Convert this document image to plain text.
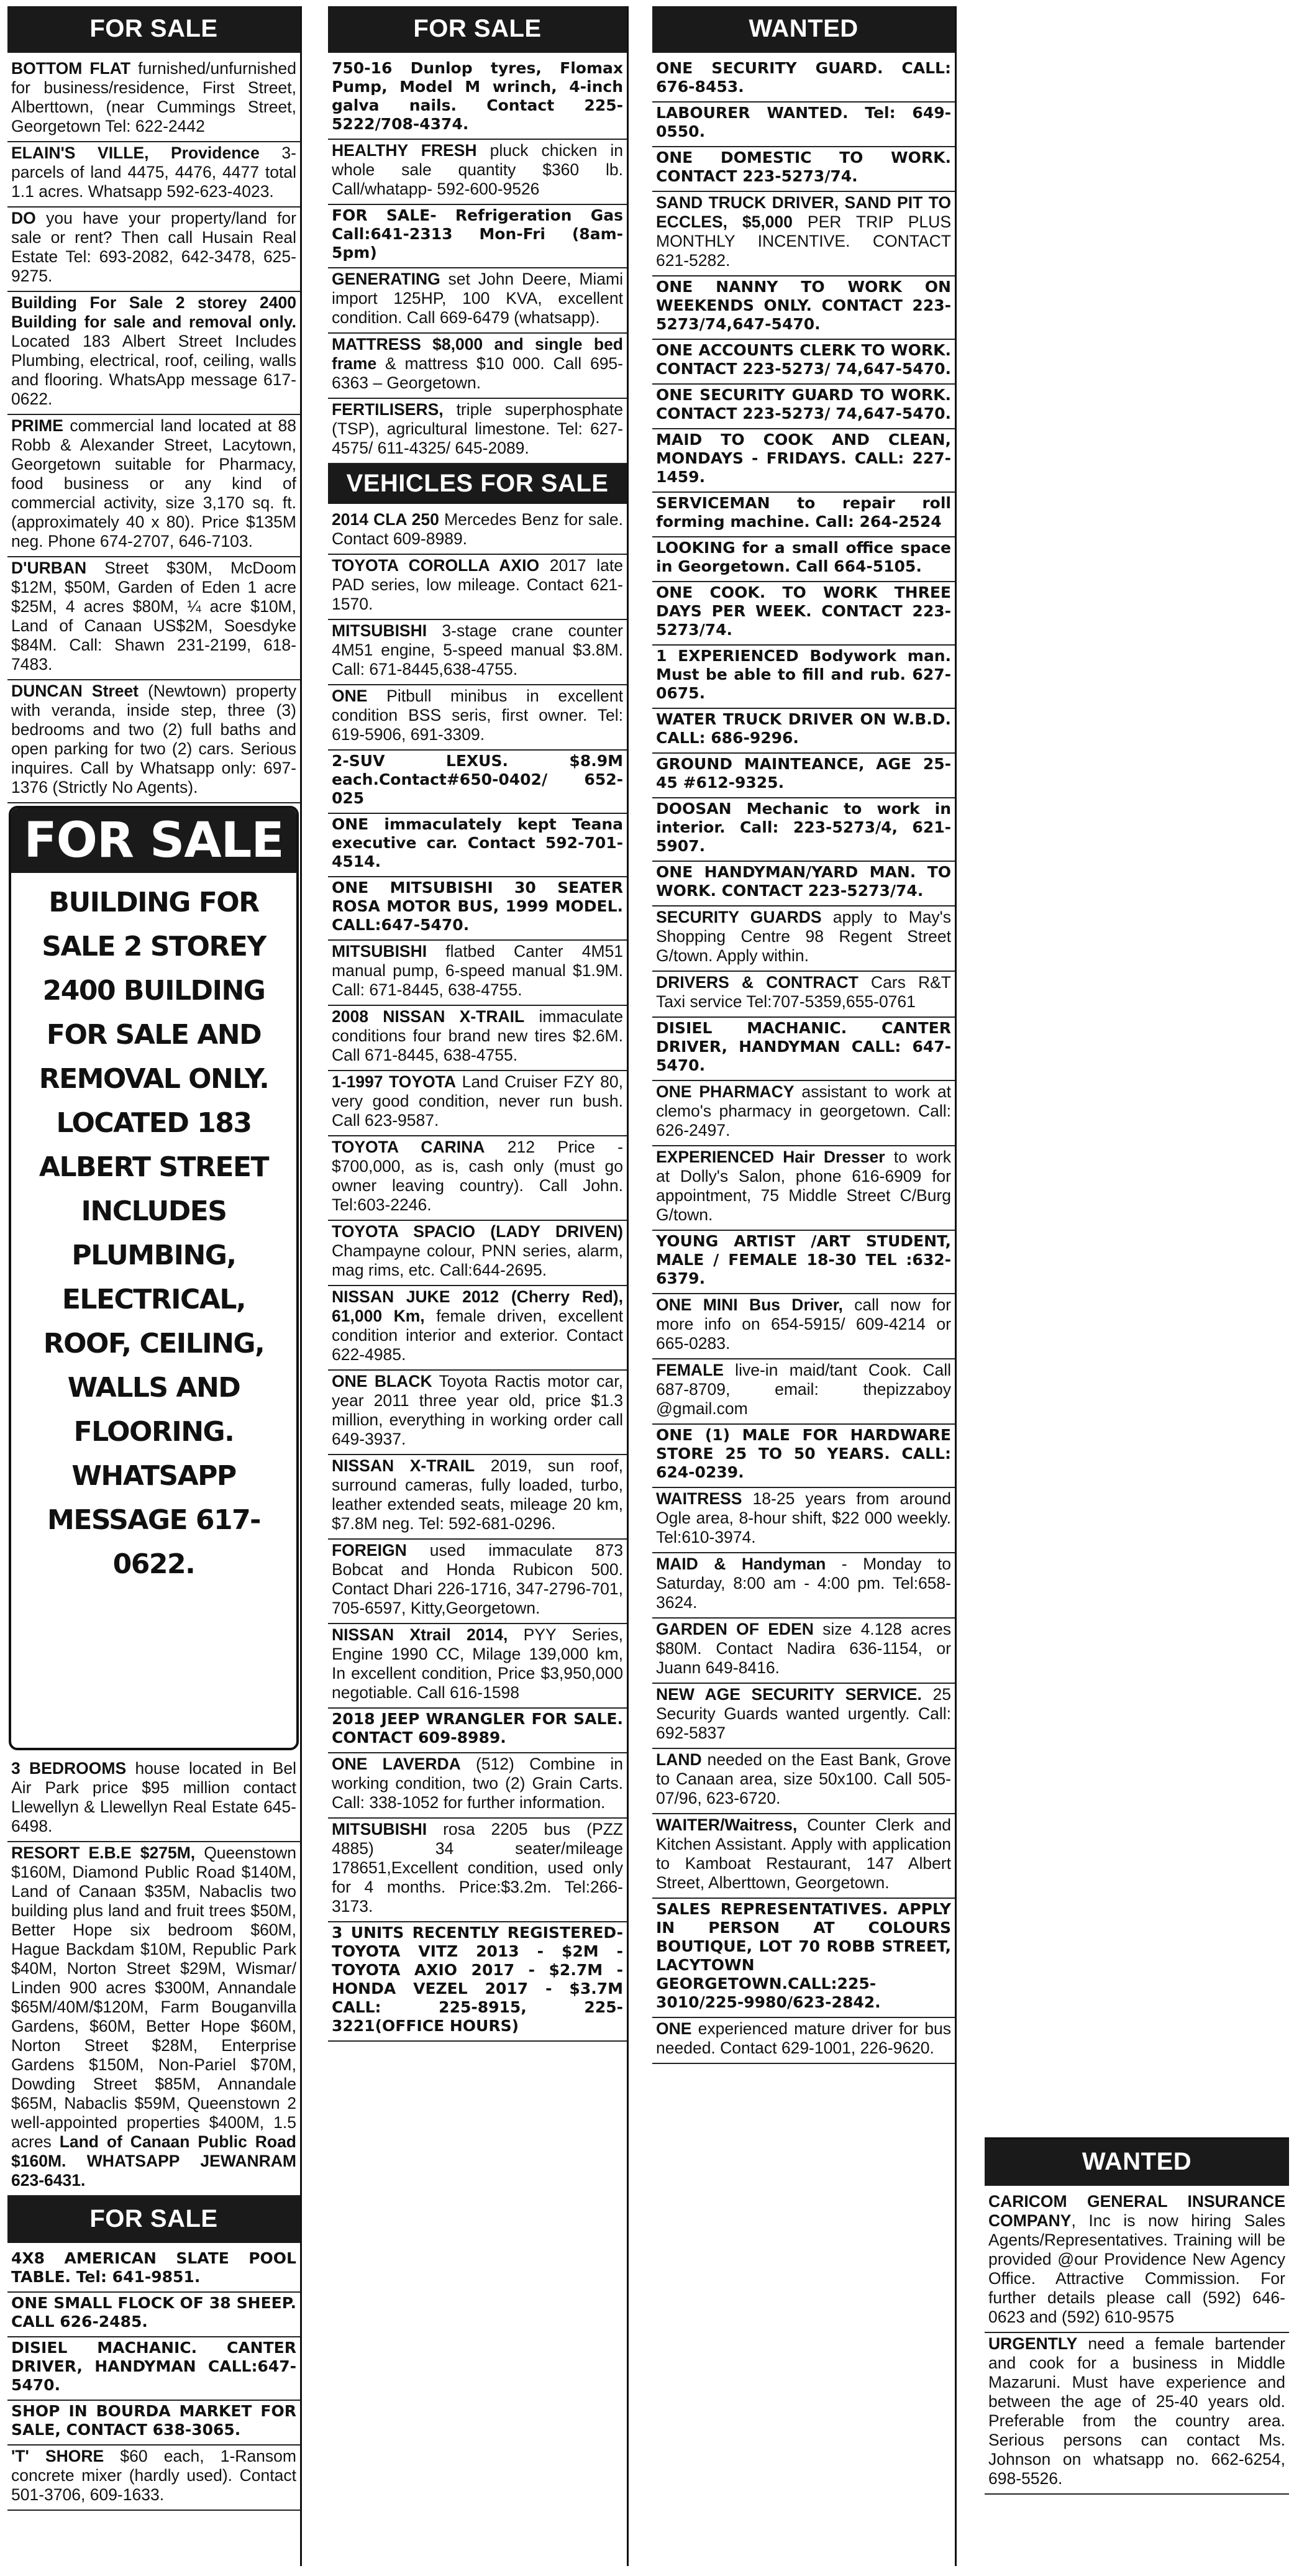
FOR SALE
BOTTOM FLAT furnished/unfurnished for business/residence, First Street, Alberttown, (near Cummings Street, Georgetown Tel: 622-2442
ELAIN'S VILLE, Providence 3-parcels of land 4475, 4476, 4477 total 1.1 acres. Whatsapp 592-623-4023.
DO you have your property/land for sale or rent? Then call Husain Real Estate Tel: 693-2082, 642-3478, 625-9275.
Building For Sale 2 storey 2400 Building for sale and removal only. Located 183 Albert Street Includes Plumbing, electrical, roof, ceiling, walls and flooring. WhatsApp message 617-0622.
PRIME commercial land located at 88 Robb & Alexander Street, Lacytown, Georgetown suitable for Pharmacy, food business or any kind of commercial activity, size 3,170 sq. ft. (approximately 40 x 80). Price $135M neg. Phone 674-2707, 646-7103.
D'URBAN Street $30M, McDoom $12M, $50M, Garden of Eden 1 acre $25M, 4 acres $80M, ¼ acre $10M, Land of Canaan US$2M, Soesdyke $84M. Call: Shawn 231-2199, 618-7483.
DUNCAN Street (Newtown) property with veranda, inside step, three (3) bedrooms and two (2) full baths and open parking for two (2) cars. Serious inquires. Call by Whatsapp only: 697-1376 (Strictly No Agents).
FOR SALE
BUILDING FOR SALE 2 STOREY 2400 BUILDING FOR SALE AND REMOVAL ONLY. LOCATED 183 ALBERT STREET INCLUDES PLUMBING, ELECTRICAL, ROOF, CEILING, WALLS AND FLOORING. WHATSAPP MESSAGE 617-0622.
3 BEDROOMS house located in Bel Air Park price $95 million contact Llewellyn & Llewellyn Real Estate 645-6498.
RESORT E.B.E $275M, Queenstown $160M, Diamond Public Road $140M, Land of Canaan $35M, Nabaclis two building plus land and fruit trees $50M, Better Hope six bedroom $60M, Hague Backdam $10M, Republic Park $40M, Norton Street $29M, Wismar/ Linden 900 acres $300M, Annandale $65M/40M/$120M, Farm Bouganvilla Gardens, $60M, Better Hope $60M, Norton Street $28M, Enterprise Gardens $150M, Non-Pariel $70M, Dowding Street $85M, Annandale $65M, Nabaclis $59M, Queenstown 2 well-appointed properties $400M, 1.5 acres Land of Canaan Public Road $160M. WHATSAPP JEWANRAM 623-6431.
FOR SALE
4X8 AMERICAN SLATE POOL TABLE. Tel: 641-9851.
ONE SMALL FLOCK OF 38 SHEEP. CALL 626-2485.
DISIEL MACHANIC. CANTER DRIVER, HANDYMAN CALL:647-5470.
SHOP IN BOURDA MARKET FOR SALE, CONTACT 638-3065.
'T' SHORE $60 each, 1-Ransom concrete mixer (hardly used). Contact 501-3706, 609-1633.
FOR SALE
750-16 Dunlop tyres, Flomax Pump, Model M wrinch, 4-inch galva nails. Contact 225-5222/708-4374.
HEALTHY FRESH pluck chicken in whole sale quantity $360 lb. Call/whatapp- 592-600-9526
FOR SALE- Refrigeration Gas Call:641-2313 Mon-Fri (8am-5pm)
GENERATING set John Deere, Miami import 125HP, 100 KVA, excellent condition. Call 669-6479 (whatsapp).
MATTRESS $8,000 and single bed frame & mattress $10 000. Call 695-6363 – Georgetown.
FERTILISERS, triple superphosphate (TSP), agricultural limestone. Tel: 627-4575/ 611-4325/ 645-2089.
VEHICLES FOR SALE
2014 CLA 250 Mercedes Benz for sale. Contact 609-8989.
TOYOTA COROLLA AXIO 2017 late PAD series, low mileage. Contact 621-1570.
MITSUBISHI 3-stage crane counter 4M51 engine, 5-speed manual $3.8M. Call: 671-8445,638-4755.
ONE Pitbull minibus in excellent condition BSS seris, first owner. Tel: 619-5906, 691-3309.
2-SUV LEXUS. $8.9M each.Contact#650-0402/ 652-025
ONE immaculately kept Teana executive car. Contact 592-701-4514.
ONE MITSUBISHI 30 SEATER ROSA MOTOR BUS, 1999 MODEL. CALL:647-5470.
MITSUBISHI flatbed Canter 4M51 manual pump, 6-speed manual $1.9M. Call: 671-8445, 638-4755.
2008 NISSAN X-TRAIL immaculate conditions four brand new tires $2.6M. Call 671-8445, 638-4755.
1-1997 TOYOTA Land Cruiser FZY 80, very good condition, never run bush. Call 623-9587.
TOYOTA CARINA 212 Price - $700,000, as is, cash only (must go owner leaving country). Call John. Tel:603-2246.
TOYOTA SPACIO (LADY DRIVEN) Champayne colour, PNN series, alarm, mag rims, etc. Call:644-2695.
NISSAN JUKE 2012 (Cherry Red), 61,000 Km, female driven, excellent condition interior and exterior. Contact 622-4985.
ONE BLACK Toyota Ractis motor car, year 2011 three year old, price $1.3 million, everything in working order call 649-3937.
NISSAN X-TRAIL 2019, sun roof, surround cameras, fully loaded, turbo, leather extended seats, mileage 20 km, $7.8M neg. Tel: 592-681-0296.
FOREIGN used immaculate 873 Bobcat and Honda Rubicon 500. Contact Dhari 226-1716, 347-2796-701, 705-6597, Kitty,Georgetown.
NISSAN Xtrail 2014, PYY Series, Engine 1990 CC, Milage 139,000 km, In excellent condition, Price $3,950,000 negotiable. Call 616-1598
2018 JEEP WRANGLER FOR SALE. CONTACT 609-8989.
ONE LAVERDA (512) Combine in working condition, two (2) Grain Carts. Call: 338-1052 for further information.
MITSUBISHI rosa 2205 bus (PZZ 4885) 34 seater/mileage 178651,Excellent condition, used only for 4 months. Price:$3.2m. Tel:266-3173.
3 UNITS RECENTLY REGISTERED- TOYOTA VITZ 2013 - $2M - TOYOTA AXIO 2017 - $2.7M - HONDA VEZEL 2017 - $3.7M CALL: 225-8915, 225-3221(OFFICE HOURS)
WANTED
ONE SECURITY GUARD. CALL: 676-8453.
LABOURER WANTED. Tel: 649-0550.
ONE DOMESTIC TO WORK. CONTACT 223-5273/74.
SAND TRUCK DRIVER, SAND PIT TO ECCLES, $5,000 PER TRIP PLUS MONTHLY INCENTIVE. CONTACT 621-5282.
ONE NANNY TO WORK ON WEEKENDS ONLY. CONTACT 223-5273/74,647-5470.
ONE ACCOUNTS CLERK TO WORK. CONTACT 223-5273/ 74,647-5470.
ONE SECURITY GUARD TO WORK. CONTACT 223-5273/ 74,647-5470.
MAID TO COOK AND CLEAN, MONDAYS - FRIDAYS. CALL: 227-1459.
SERVICEMAN to repair roll forming machine. Call: 264-2524
LOOKING for a small office space in Georgetown. Call 664-5105.
ONE COOK. TO WORK THREE DAYS PER WEEK. CONTACT 223-5273/74.
1 EXPERIENCED Bodywork man. Must be able to fill and rub. 627-0675.
WATER TRUCK DRIVER ON W.B.D. CALL: 686-9296.
GROUND MAINTEANCE, AGE 25-45 #612-9325.
DOOSAN Mechanic to work in interior. Call: 223-5273/4, 621-5907.
ONE HANDYMAN/YARD MAN. TO WORK. CONTACT 223-5273/74.
SECURITY GUARDS apply to May's Shopping Centre 98 Regent Street G/town. Apply within.
DRIVERS & CONTRACT Cars R&T Taxi service Tel:707-5359,655-0761
DISIEL MACHANIC. CANTER DRIVER, HANDYMAN CALL: 647-5470.
ONE PHARMACY assistant to work at clemo's pharmacy in georgetown. Call: 626-2497.
EXPERIENCED Hair Dresser to work at Dolly's Salon, phone 616-6909 for appointment, 75 Middle Street C/Burg G/town.
YOUNG ARTIST /ART STUDENT, MALE / FEMALE 18-30 TEL :632-6379.
ONE MINI Bus Driver, call now for more info on 654-5915/ 609-4214 or 665-0283.
FEMALE live-in maid/tant Cook. Call 687-8709, email: thepizzaboy @gmail.com
ONE (1) MALE FOR HARDWARE STORE 25 TO 50 YEARS. CALL: 624-0239.
WAITRESS 18-25 years from around Ogle area, 8-hour shift, $22 000 weekly. Tel:610-3974.
MAID & Handyman - Monday to Saturday, 8:00 am - 4:00 pm. Tel:658-3624.
GARDEN OF EDEN size 4.128 acres $80M. Contact Nadira 636-1154, or Juann 649-8416.
NEW AGE SECURITY SERVICE. 25 Security Guards wanted urgently. Call: 692-5837
LAND needed on the East Bank, Grove to Canaan area, size 50x100. Call 505-07/96, 623-6720.
WAITER/Waitress, Counter Clerk and Kitchen Assistant. Apply with application to Kamboat Restaurant, 147 Albert Street, Alberttown, Georgetown.
SALES REPRESENTATIVES. APPLY IN PERSON AT COLOURS BOUTIQUE, LOT 70 ROBB STREET, LACYTOWN GEORGETOWN.CALL:225-3010/225-9980/623-2842.
ONE experienced mature driver for bus needed. Contact 629-1001, 226-9620.
WANTED
CARICOM GENERAL INSURANCE COMPANY, Inc is now hiring Sales Agents/Representatives. Training will be provided @our Providence New Agency Office. Attractive Commission. For further details please call (592) 646-0623 and (592) 610-9575
URGENTLY need a female bartender and cook for a business in Middle Mazaruni. Must have experience and between the age of 25-40 years old. Preferable from the country area. Serious persons can contact Ms. Johnson on whatsapp no. 662-6254, 698-5526.
